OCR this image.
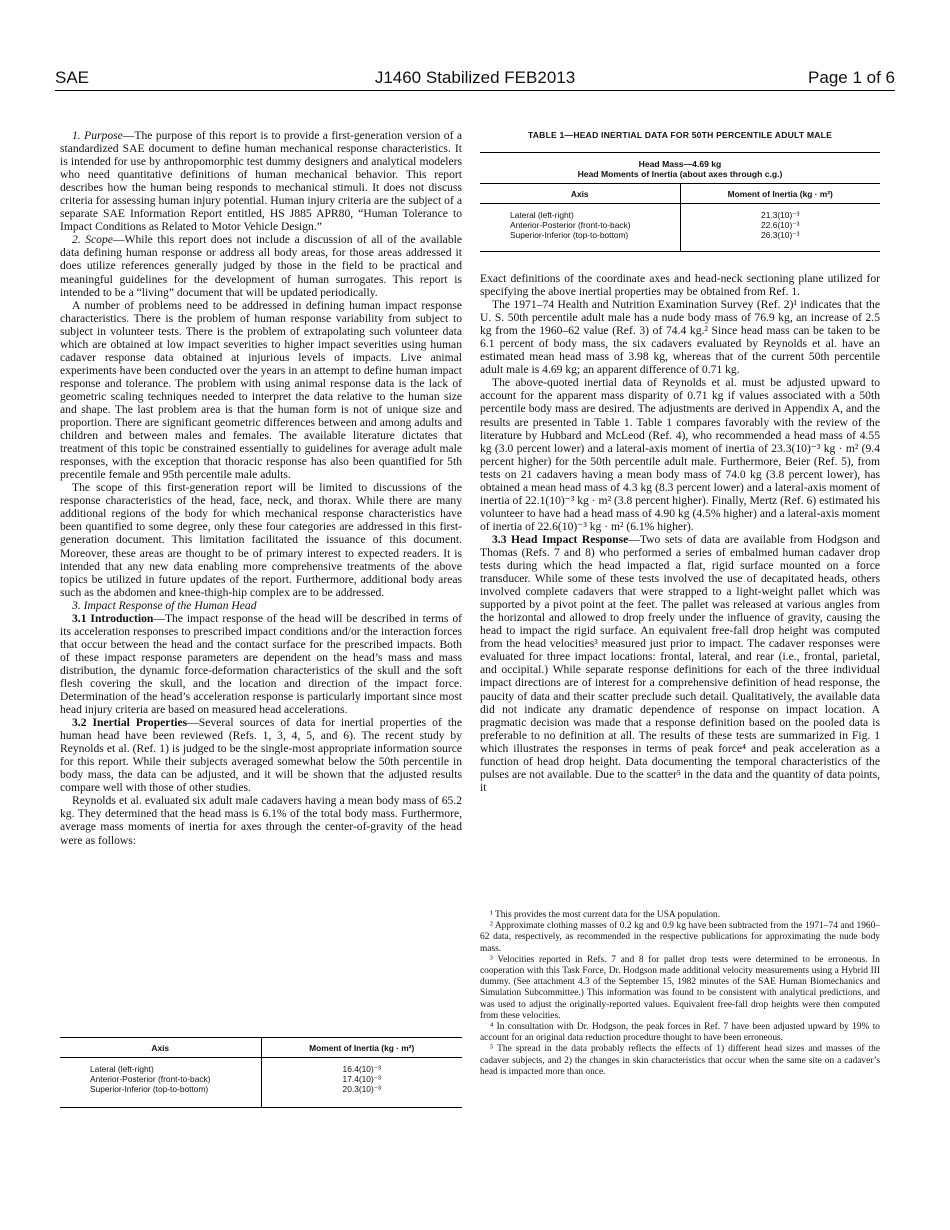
SAE	J1460 Stabilized FEB2013	Page 1 of 6

1. Purpose—The purpose of this report is to provide a first-generation version of a standardized SAE document to define human mechanical response characteristics. It is intended for use by anthropomorphic test dummy designers and analytical modelers who need quantitative definitions of human mechanical behavior. This report describes how the human being responds to mechanical stimuli. It does not discuss criteria for assessing human injury potential. Human injury criteria are the subject of a separate SAE Information Report entitled, HS J885 APR80, “Human Tolerance to Impact Conditions as Related to Motor Vehicle Design.”

2. Scope—While this report does not include a discussion of all of the available data defining human response or address all body areas, for those areas addressed it does utilize references generally judged by those in the field to be practical and meaningful guidelines for the development of human surrogates. This report is intended to be a “living” document that will be updated periodically.

A number of problems need to be addressed in defining human impact response characteristics. There is the problem of human response variability from subject to subject in volunteer tests. There is the problem of extrapolating such volunteer data which are obtained at low impact severities to higher impact severities using human cadaver response data obtained at injurious levels of impacts. Live animal experiments have been conducted over the years in an attempt to define human impact response and tolerance. The problem with using animal response data is the lack of geometric scaling techniques needed to interpret the data relative to the human size and shape. The last problem area is that the human form is not of unique size and proportion. There are significant geometric differences between and among adults and children and between males and females. The available literature dictates that treatment of this topic be constrained essentially to guidelines for average adult male responses, with the exception that thoracic response has also been quantified for 5th precentile female and 95th percentile male adults.

The scope of this first-generation report will be limited to discussions of the response characteristics of the head, face, neck, and thorax. While there are many additional regions of the body for which mechanical response characteristics have been quantified to some degree, only these four categories are addressed in this first-generation document. This limitation facilitated the issuance of this document. Moreover, these areas are thought to be of primary interest to expected readers. It is intended that any new data enabling more comprehensive treatments of the above topics be utilized in future updates of the report. Furthermore, additional body areas such as the abdomen and knee-thigh-hip complex are to be addressed.

3. Impact Response of the Human Head

3.1 Introduction—The impact response of the head will be described in terms of its acceleration responses to prescribed impact conditions and/or the interaction forces that occur between the head and the contact surface for the prescribed impacts. Both of these impact response parameters are dependent on the head’s mass and mass distribution, the dynamic force-deformation characteristics of the skull and the soft flesh covering the skull, and the location and direction of the impact force. Determination of the head’s acceleration response is particularly important since most head injury criteria are based on measured head accelerations.

3.2 Inertial Properties—Several sources of data for inertial properties of the human head have been reviewed (Refs. 1, 3, 4, 5, and 6). The recent study by Reynolds et al. (Ref. 1) is judged to be the single-most appropriate information source for this report. While their subjects averaged somewhat below the 50th percentile in body mass, the data can be adjusted, and it will be shown that the adjusted results compare well with those of other studies.

Reynolds et al. evaluated six adult male cadavers having a mean body mass of 65.2 kg. They determined that the head mass is 6.1% of the total body mass. Furthermore, average mass moments of inertia for axes through the center-of-gravity of the head were as follows:

Axis	Moment of Inertia (kg · m²)
Lateral (left-right)	16.4(10)⁻³
Anterior-Posterior (front-to-back)	17.4(10)⁻³
Superior-Inferior (top-to-bottom)	20.3(10)⁻³
TABLE 1—HEAD INERTIAL DATA FOR 50TH PERCENTILE ADULT MALE
Head Mass—4.69 kg
Head Moments of Inertia (about axes through c.g.)
Axis	Moment of Inertia (kg · m²)
Lateral (left-right)	21.3(10)⁻³
Anterior-Posterior (front-to-back)	22.6(10)⁻³
Superior-Inferior (top-to-bottom)	26.3(10)⁻³

Exact definitions of the coordinate axes and head-neck sectioning plane utilized for specifying the above inertial properties may be obtained from Ref. 1.

The 1971–74 Health and Nutrition Examination Survey (Ref. 2)¹ indicates that the U. S. 50th percentile adult male has a nude body mass of 76.9 kg, an increase of 2.5 kg from the 1960–62 value (Ref. 3) of 74.4 kg.² Since head mass can be taken to be 6.1 percent of body mass, the six cadavers evaluated by Reynolds et al. have an estimated mean head mass of 3.98 kg, whereas that of the current 50th percentile adult male is 4.69 kg; an apparent difference of 0.71 kg.

The above-quoted inertial data of Reynolds et al. must be adjusted upward to account for the apparent mass disparity of 0.71 kg if values associated with a 50th percentile body mass are desired. The adjustments are derived in Appendix A, and the results are presented in Table 1. Table 1 compares favorably with the review of the literature by Hubbard and McLeod (Ref. 4), who recommended a head mass of 4.55 kg (3.0 percent lower) and a lateral-axis moment of inertia of 23.3(10)⁻³ kg · m² (9.4 percent higher) for the 50th percentile adult male. Furthermore, Beier (Ref. 5), from tests on 21 cadavers having a mean body mass of 74.0 kg (3.8 percent lower), has obtained a mean head mass of 4.3 kg (8.3 percent lower) and a lateral-axis moment of inertia of 22.1(10)⁻³ kg · m² (3.8 percent higher). Finally, Mertz (Ref. 6) estimated his volunteer to have had a head mass of 4.90 kg (4.5% higher) and a lateral-axis moment of inertia of 22.6(10)⁻³ kg · m² (6.1% higher).

3.3 Head Impact Response—Two sets of data are available from Hodgson and Thomas (Refs. 7 and 8) who performed a series of embalmed human cadaver drop tests during which the head impacted a flat, rigid surface mounted on a force transducer. While some of these tests involved the use of decapitated heads, others involved complete cadavers that were strapped to a light-weight pallet which was supported by a pivot point at the feet. The pallet was released at various angles from the horizontal and allowed to drop freely under the influence of gravity, causing the head to impact the rigid surface. An equivalent free-fall drop height was computed from the head velocities³ measured just prior to impact. The cadaver responses were evaluated for three impact locations: frontal, lateral, and rear (i.e., frontal, parietal, and occipital.) While separate response definitions for each of the three individual impact directions are of interest for a comprehensive definition of head response, the paucity of data and their scatter preclude such detail. Qualitatively, the available data did not indicate any dramatic dependence of response on impact location. A pragmatic decision was made that a response definition based on the pooled data is preferable to no definition at all. The results of these tests are summarized in Fig. 1 which illustrates the responses in terms of peak force⁴ and peak acceleration as a function of head drop height. Data documenting the temporal characteristics of the pulses are not available. Due to the scatter⁵ in the data and the quantity of data points, it

¹ This provides the most current data for the USA population.

² Approximate clothing masses of 0.2 kg and 0.9 kg have been subtracted from the 1971–74 and 1960–62 data, respectively, as recommended in the respective publications for approximating the nude body mass.

³ Velocities reported in Refs. 7 and 8 for pallet drop tests were determined to be erroneous. In cooperation with this Task Force, Dr. Hodgson made additional velocity measurements using a Hybrid III dummy. (See attachment 4.3 of the September 15, 1982 minutes of the SAE Human Biomechanics and Simulation Subcommittee.) This information was found to be consistent with analytical predictions, and was used to adjust the originally-reported values. Equivalent free-fall drop heights were then computed from these velocities.

⁴ In consultation with Dr. Hodgson, the peak forces in Ref. 7 have been adjusted upward by 19% to account for an original data reduction procedure thought to have been erroneous.

⁵ The spread in the data probably reflects the effects of 1) different head sizes and masses of the cadaver subjects, and 2) the changes in skin characteristics that occur when the same site on a cadaver’s head is impacted more than once.
